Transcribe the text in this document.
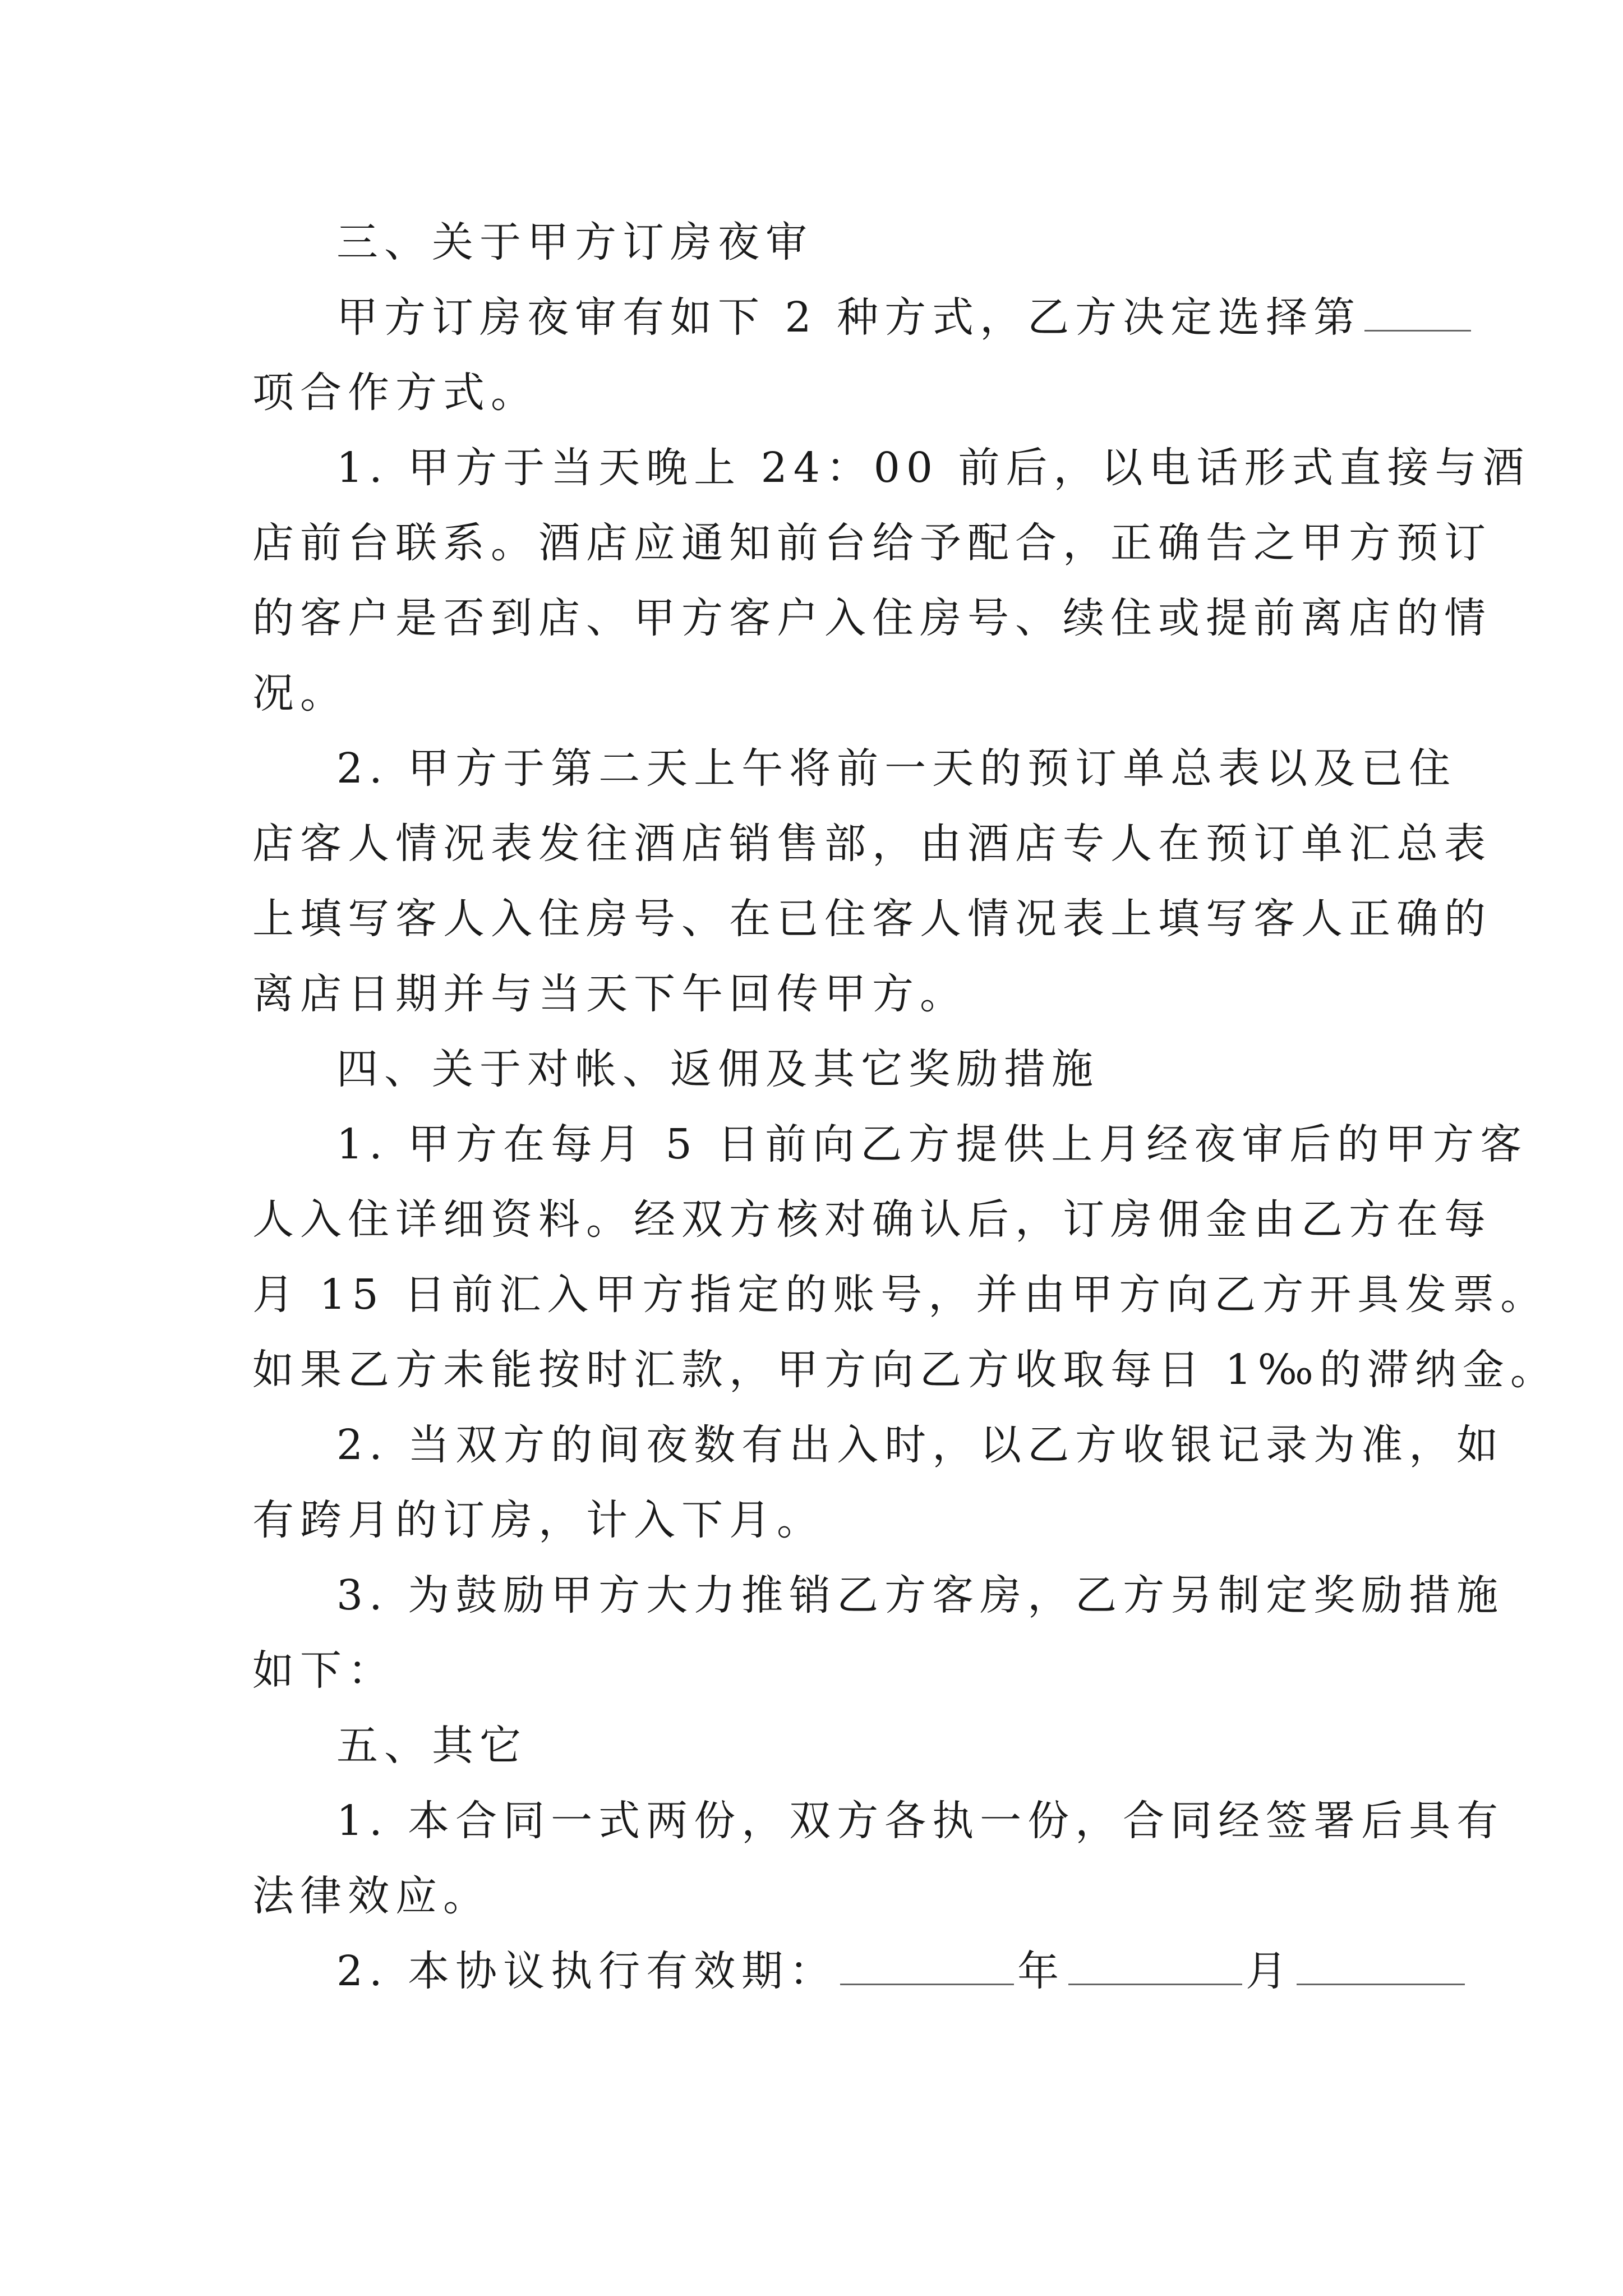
三、关于甲方订房夜审
甲方订房夜审有如下 2 种方式，乙方决定选择第
项合作方式。
1. 甲方于当天晚上 24：00 前后，以电话形式直接与酒
店前台联系。酒店应通知前台给予配合，正确告之甲方预订
的客户是否到店、甲方客户入住房号、续住或提前离店的情
况。
2. 甲方于第二天上午将前一天的预订单总表以及已住
店客人情况表发往酒店销售部，由酒店专人在预订单汇总表
上填写客人入住房号、在已住客人情况表上填写客人正确的
离店日期并与当天下午回传甲方。
四、关于对帐、返佣及其它奖励措施
1. 甲方在每月 5 日前向乙方提供上月经夜审后的甲方客
人入住详细资料。经双方核对确认后，订房佣金由乙方在每
月 15 日前汇入甲方指定的账号，并由甲方向乙方开具发票。
如果乙方未能按时汇款，甲方向乙方收取每日 1‰的滞纳金。
2. 当双方的间夜数有出入时，以乙方收银记录为准，如
有跨月的订房，计入下月。
3. 为鼓励甲方大力推销乙方客房，乙方另制定奖励措施
如下：
五、其它
1. 本合同一式两份，双方各执一份，合同经签署后具有
法律效应。
2. 本协议执行有效期：	年	月
